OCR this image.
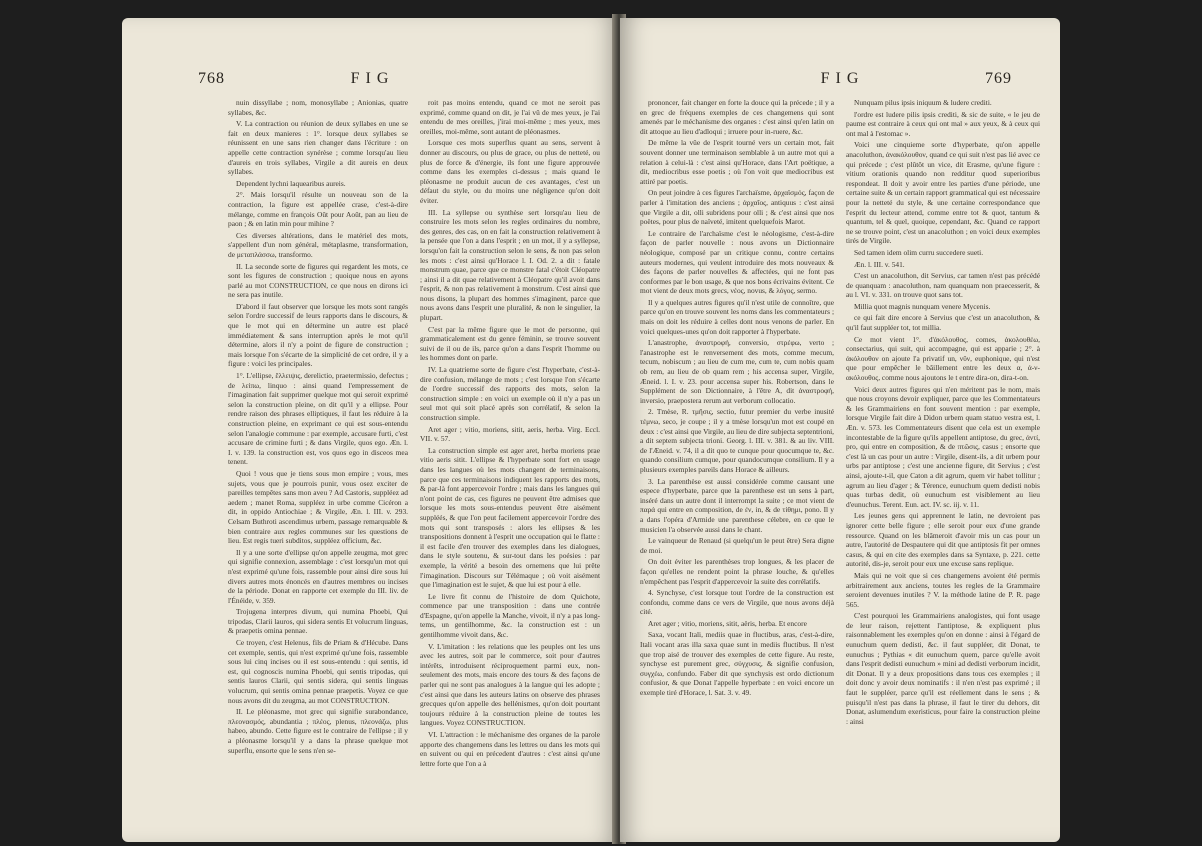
768	F I G

nuin dissyllabe ; nom, monosyllabe ; Anionias, quatre syllabes, &c.

V. La contraction ou réunion de deux syllabes en une se fait en deux manieres : 1°. lorsque deux syllabes se réunissent en une sans rien changer dans l'écriture : on appelle cette contraction synérèse ; comme lorsqu'au lieu d'aureis en trois syllabes, Virgile a dit aureis en deux syllabes.

Dependent lychni laquearibus aureis.

2°. Mais lorsqu'il résulte un nouveau son de la contraction, la figure est appellée crase, c'est-à-dire mélange, comme en françois Oût pour Août, pan au lieu de paon ; & en latin min pour mihine ?

Ces diverses altérations, dans le matériel des mots, s'appellent d'un nom général, métaplasme, transformation, de μεταπλάσσω, transformo.

II. La seconde sorte de figures qui regardent les mots, ce sont les figures de construction ; quoique nous en ayons parlé au mot CONSTRUCTION, ce que nous en dirons ici ne sera pas inutile.

D'abord il faut observer que lorsque les mots sont rangés selon l'ordre successif de leurs rapports dans le discours, & que le mot qui en détermine un autre est placé immédiatement & sans interruption après le mot qu'il détermine, alors il n'y a point de figure de construction ; mais lorsque l'on s'écarte de la simplicité de cet ordre, il y a figure : voici les principales.

1°. L'ellipse, ἔλλειψις, derelictio, praetermissio, defectus ; de λείπω, linquo : ainsi quand l'empressement de l'imagination fait supprimer quelque mot qui seroit exprimé selon la construction pleine, on dit qu'il y a ellipse. Pour rendre raison des phrases elliptiques, il faut les réduire à la construction pleine, en exprimant ce qui est sous-entendu selon l'analogie commune : par exemple, accusare furti, c'est accusare de crimine furti ; & dans Virgile, quos ego. Æn. l. I. v. 139. la construction est, vos quos ego in disceos mea tenent.

Quoi ! vous que je tiens sous mon empire ; vous, mes sujets, vous que je pourrois punir, vous osez exciter de pareilles tempêtes sans mon aveu ? Ad Castoris, suppléez ad aedem ; manet Roma, suppléez in urbe comme Cicéron a dit, in oppido Antiochiae ; & Virgile, Æn. l. III. v. 293. Celsam Buthroti ascendimus urbem, passage remarquable & bien contraire aux regles communes sur les questions de lieu. Est regis tueri subditos, suppléez officium, &c.

Il y a une sorte d'ellipse qu'on appelle zeugma, mot grec qui signifie connexion, assemblage : c'est lorsqu'un mot qui n'est exprimé qu'une fois, rassemble pour ainsi dire sous lui divers autres mots énoncés en d'autres membres ou incises de la période. Donat en rapporte cet exemple du III. liv. de l'Énéide, v. 359.

Trojugena interpres divum, qui numina Phoebi, Qui tripodas, Clarii lauros, qui sidera sentis Et volucrum linguas, & praepetis omina pennae.

Ce troyen, c'est Helenus, fils de Priam & d'Hécube. Dans cet exemple, sentis, qui n'est exprimé qu'une fois, rassemble sous lui cinq incises ou il est sous-entendu : qui sentis, id est, qui cognoscis numina Phoebi, qui sentis tripodas, qui sentis lauros Clarii, qui sentis sidera, qui sentis linguas volucrum, qui sentis omina pennae praepetis. Voyez ce que nous avons dit du zeugma, au mot CONSTRUCTION.

II. Le pléonasme, mot grec qui signifie surabondance, πλεονασμός, abundantia ; πλέος, plenus, πλεονάζω, plus habeo, abundo. Cette figure est le contraire de l'ellipse ; il y a pléonasme lorsqu'il y a dans la phrase quelque mot superflu, ensorte que le sens n'en se-

roit pas moins entendu, quand ce mot ne seroit pas exprimé, comme quand on dit, je l'ai vû de mes yeux, je l'ai entendu de mes oreilles, j'irai moi-même ; mes yeux, mes oreilles, moi-même, sont autant de pléonasmes.

Lorsque ces mots superflus quant au sens, servent à donner au discours, ou plus de grace, ou plus de netteté, ou plus de force & d'énergie, ils font une figure approuvée comme dans les exemples ci-dessus ; mais quand le pléonasme ne produit aucun de ces avantages, c'est un défaut du style, ou du moins une négligence qu'on doit éviter.

III. La syllepse ou synthèse sert lorsqu'au lieu de construire les mots selon les regles ordinaires du nombre, des genres, des cas, on en fait la construction relativement à la pensée que l'on a dans l'esprit ; en un mot, il y a syllepse, lorsqu'on fait la construction selon le sens, & non pas selon les mots : c'est ainsi qu'Horace l. I. Od. 2. a dit : fatale monstrum quae, parce que ce monstre fatal c'étoit Cléopatre ; ainsi il a dit quae relativement à Cléopatre qu'il avoit dans l'esprit, & non pas relativement à monstrum. C'est ainsi que nous disons, la plupart des hommes s'imaginent, parce que nous avons dans l'esprit une pluralité, & non le singulier, la plupart.

C'est par la même figure que le mot de personne, qui grammaticalement est du genre féminin, se trouve souvent suivi de il ou de ils, parce qu'on a dans l'esprit l'homme ou les hommes dont on parle.

IV. La quatrieme sorte de figure c'est l'hyperbate, c'est-à-dire confusion, mélange de mots ; c'est lorsque l'on s'écarte de l'ordre successif des rapports des mots, selon la construction simple : en voici un exemple où il n'y a pas un seul mot qui soit placé après son corrélatif, & selon la construction simple.

Aret ager ; vitio, moriens, sitit, aeris, herba. Virg. Eccl. VII. v. 57.

La construction simple est ager aret, herba moriens prae vitio aeris sitit. L'ellipse & l'hyperbate sont fort en usage dans les langues où les mots changent de terminaisons, parce que ces terminaisons indiquent les rapports des mots, & par-là font appercevoir l'ordre ; mais dans les langues qui n'ont point de cas, ces figures ne peuvent être admises que lorsque les mots sous-entendus peuvent être aisément suppléés, & que l'on peut facilement appercevoir l'ordre des mots qui sont transposés : alors les ellipses & les transpositions donnent à l'esprit une occupation qui le flatte : il est facile d'en trouver des exemples dans les dialogues, dans le style soutenu, & sur-tout dans les poésies : par exemple, la vérité a besoin des ornemens que lui prête l'imagination. Discours sur Télémaque ; où voit aisément que l'imagination est le sujet, & que lui est pour à elle.

Le livre fit connu de l'histoire de dom Quichote, commence par une transposition : dans une contrée d'Espagne, qu'on appelle la Manche, vivoit, il n'y a pas long-tems, un gentilhomme, &c. la construction est : un gentilhomme vivoit dans, &c.

V. L'imitation : les relations que les peuples ont les uns avec les autres, soit par le commerce, soit pour d'autres intérêts, introduisent réciproquement parmi eux, non-seulement des mots, mais encore des tours & des façons de parler qui ne sont pas analogues à la langue qui les adopte ; c'est ainsi que dans les auteurs latins on observe des phrases grecques qu'on appelle des hellénismes, qu'on doit pourtant toujours réduire à la construction pleine de toutes les langues. Voyez CONSTRUCTION.

VI. L'attraction : le méchanisme des organes de la parole apporte des changemens dans les lettres ou dans les mots qui en suivent ou qui en précedent d'autres : c'est ainsi qu'une lettre forte que l'on a à

F I G	769

prononcer, fait changer en forte la douce qui la précede ; il y a en grec de fréquens exemples de ces changemens qui sont amenés par le méchanisme des organes : c'est ainsi qu'en latin on dit attoque au lieu d'adloqui ; irruere pour in-ruere, &c.

De même la vûe de l'esprit tourné vers un certain mot, fait souvent donner une terminaison semblable à un autre mot qui a relation à celui-là : c'est ainsi qu'Horace, dans l'Art poëtique, a dit, mediocribus esse poetis ; où l'on voit que mediocribus est attiré par poetis.

On peut joindre à ces figures l'archaïsme, ἀρχαϊσμός, façon de parler à l'imitation des anciens ; ἀρχαῖος, antiquus : c'est ainsi que Virgile a dit, olli subridens pour olli ; & c'est ainsi que nos poëtes, pour plus de naïveté, imitent quelquefois Marot.

Le contraire de l'archaïsme c'est le néologisme, c'est-à-dire façon de parler nouvelle : nous avons un Dictionnaire néologique, composé par un critique connu, contre certains auteurs modernes, qui veulent introduire des mots nouveaux & des façons de parler nouvelles & affectées, qui ne font pas conformes par le bon usage, & que nos bons écrivains évitent. Ce mot vient de deux mots grecs, νέος, novus, & λόγος, sermo.

Il y a quelques autres figures qu'il n'est utile de connoître, que parce qu'on en trouve souvent les noms dans les commentateurs ; mais on doit les réduire à celles dont nous venons de parler. En voici quelques-unes qu'on doit rapporter à l'hyperbate.

L'anastrophe, ἀναστροφή, conversio, στρέφω, verto ; l'anastrophe est le renversement des mots, comme mecum, tecum, nobiscum ; au lieu de cum me, cum te, cum nobis quam ob rem, au lieu de ob quam rem ; his accensa super, Virgile, Æneid. l. I. v. 23. pour accensa super his. Robertson, dans le Supplément de son Dictionnaire, à l'être A, dit ἀναστροφή, inversio, praepostera rerum aut verborum collocatio.

2. Tmèse, R. τμῆσις, sectio, futur premier du verbe inusité τέμνω, seco, je coupe ; il y a tmèse lorsqu'un mot est coupé en deux : c'est ainsi que Virgile, au lieu de dire subjecta septentrioni, a dit septem subjecta trioni. Georg. l. III. v. 381. & au liv. VIII. de l'Æneid. v. 74, il a dit quo te cunque pour quocumque te, &c. quando consilium cumque, pour quandocumque consilium. Il y a plusieurs exemples pareils dans Horace & ailleurs.

3. La parenthèse est aussi considérée comme causant une espece d'hyperbate, parce que la parenthese est un sens à part, inséré dans un autre dont il interrompt la suite ; ce mot vient de παρά qui entre en composition, de ἐν, in, & de τίθημι, pono. Il y a dans l'opéra d'Armide une parenthese célebre, en ce que le musicien l'a observée aussi dans le chant.

Le vainqueur de Renaud (si quelqu'un le peut être) Sera digne de moi.

On doit éviter les parenthèses trop longues, & les placer de façon qu'elles ne rendent point la phrase louche, & qu'elles n'empêchent pas l'esprit d'appercevoir la suite des corrélatifs.

4. Synchyse, c'est lorsque tout l'ordre de la construction est confondu, comme dans ce vers de Virgile, que nous avons déjà cité.

Aret ager ; vitio, moriens, sitit, aëris, herba. Et encore

Saxa, vocant Itali, mediis quae in fluctibus, aras, c'est-à-dire, Itali vocant aras illa saxa quae sunt in mediis fluctibus. Il n'est que trop aisé de trouver des exemples de cette figure. Au reste, synchyse est purement grec, σύγχυσις, & signifie confusion, συγχέω, confundo. Faber dit que synchysis est ordo dictionum confusior, & que Donat l'appelle hyperbate : en voici encore un exemple tiré d'Horace, l. Sat. 3. v. 49.

Nunquam pilus ipsis iniquum & ludere crediti.

l'ordre est ludere pilis ipsis crediti, & sic de suite, « le jeu de paume est contraire à ceux qui ont mal » aux yeux, & à ceux qui ont mal à l'estomac ».

Voici une cinquieme sorte d'hyperbate, qu'on appelle anacoluthon, ἀνακόλουθον, quand ce qui suit n'est pas lié avec ce qui précede ; c'est plûtôt un vice, dit Erasme, qu'une figure : vitium orationis quando non redditur quod superioribus respondeat. Il doit y avoir entre les parties d'une période, une certaine suite & un certain rapport grammatical qui est nécessaire pour la netteté du style, & une certaine correspondance que l'esprit du lecteur attend, comme entre tot & quot, tantum & quantum, tel & quel, quoique, cependant, &c. Quand ce rapport ne se trouve point, c'est un anacoluthon ; en voici deux exemples tirés de Virgile.

Sed tamen idem olim curru succedere sueti.

Æn. l. III. v. 541.

C'est un anacoluthon, dit Servius, car tamen n'est pas précédé de quanquam : anacoluthon, nam quanquam non praecesserit, & au l. VI. v. 331. on trouve quot sans tot.

Millia quot magnis nunquam venere Mycenis.

ce qui fait dire encore à Servius que c'est un anacoluthon, & qu'il faut suppléer tot, tot millia.

Ce mot vient 1°. d'ἀκόλουθος, comes, ἀκολουθέω, consectarius, qui suit, qui accompagne, qui est apparie ; 2°. à ἀκόλουθον on ajoute l'a privatif un, νῦν, euphonique, qui n'est que pour empêcher le bâillement entre les deux α, ἀ-ν-ακόλουθος, comme nous ajoutons le t entre dira-on, dira-t-on.

Voici deux autres figures qui n'en méritent pas le nom, mais que nous croyons devoir expliquer, parce que les Commentateurs & les Grammairiens en font souvent mention : par exemple, lorsque Virgile fait dire à Didon urbem quam statuo vestra est, l. Æn. v. 573. les Commentateurs disent que cela est un exemple incontestable de la figure qu'ils appellent antiptose, du grec, ἀντί, pro, qui entre en composition, & de πτῶσις, casus ; ensorte que c'est là un cas pour un autre : Virgile, disent-ils, a dit urbem pour urbs par antiptose ; c'est une ancienne figure, dit Servius ; c'est ainsi, ajoute-t-il, que Caton a dit agrum, quem vir habet tollitur ; agrum au lieu d'ager ; & Térence, eunuchum quem dedisti nobis quas turbas dedit, où eunuchum est visiblement au lieu d'eunuchus. Terent. Eun. act. IV. sc. iij. v. 11.

Les jeunes gens qui apprennent le latin, ne devroient pas ignorer cette belle figure ; elle seroit pour eux d'une grande ressource. Quand on les blâmeroit d'avoir mis un cas pour un autre, l'autorité de Despautere qui dit que antiptosis fit per omnes casus, & qui en cite des exemples dans sa Syntaxe, p. 221. cette autorité, dis-je, seroit pour eux une excuse sans replique.

Mais qui ne voit que si ces changemens avoient été permis arbitrairement aux anciens, toutes les regles de la Grammaire seroient devenues inutiles ? V. la méthode latine de P. R. page 565.

C'est pourquoi les Grammairiens analogistes, qui font usage de leur raison, rejettent l'antiptose, & expliquent plus raisonnablement les exemples qu'on en donne : ainsi à l'égard de eunuchum quem dedisti, &c. il faut suppléer, dit Donat, te eunuchus ; Pythias « dit eunuchum quem, parce qu'elle avoit dans l'esprit dedisti eunuchum » mini ad dedisti verborum incidit, dit Donat. Il y a deux propositions dans tous ces exemples ; il doit donc y avoir deux nominatifs : il n'en n'est pas exprimé ; il faut le suppléer, parce qu'il est réellement dans le sens ; & puisqu'il n'est pas dans la phrase, il faut le tirer du dehors, dit Donat, aslumendum exeristicus, pour faire la construction pleine : ainsi
